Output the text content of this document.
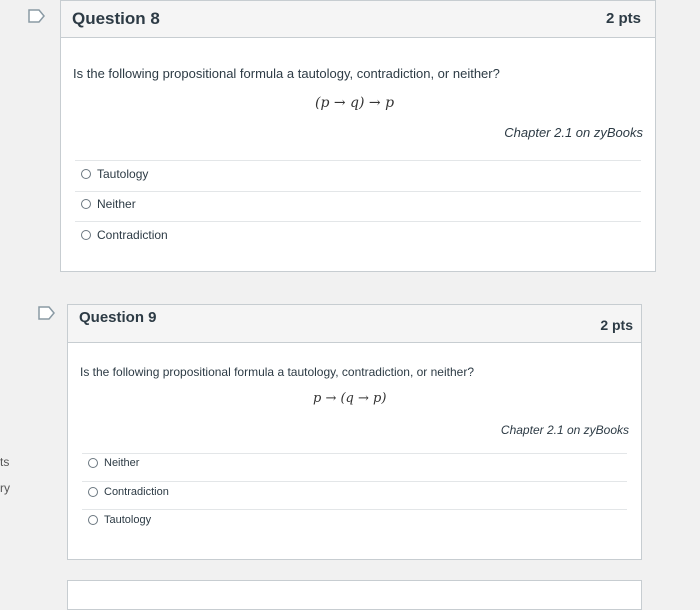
ts
ry
Question 8	2 pts
Is the following propositional formula a tautology, contradiction, or neither?
(p → q) → p
Chapter 2.1 on zyBooks
Tautology
Neither
Contradiction
Question 9	2 pts
Is the following propositional formula a tautology, contradiction, or neither?
p → (q → p)
Chapter 2.1 on zyBooks
Neither
Contradiction
Tautology
